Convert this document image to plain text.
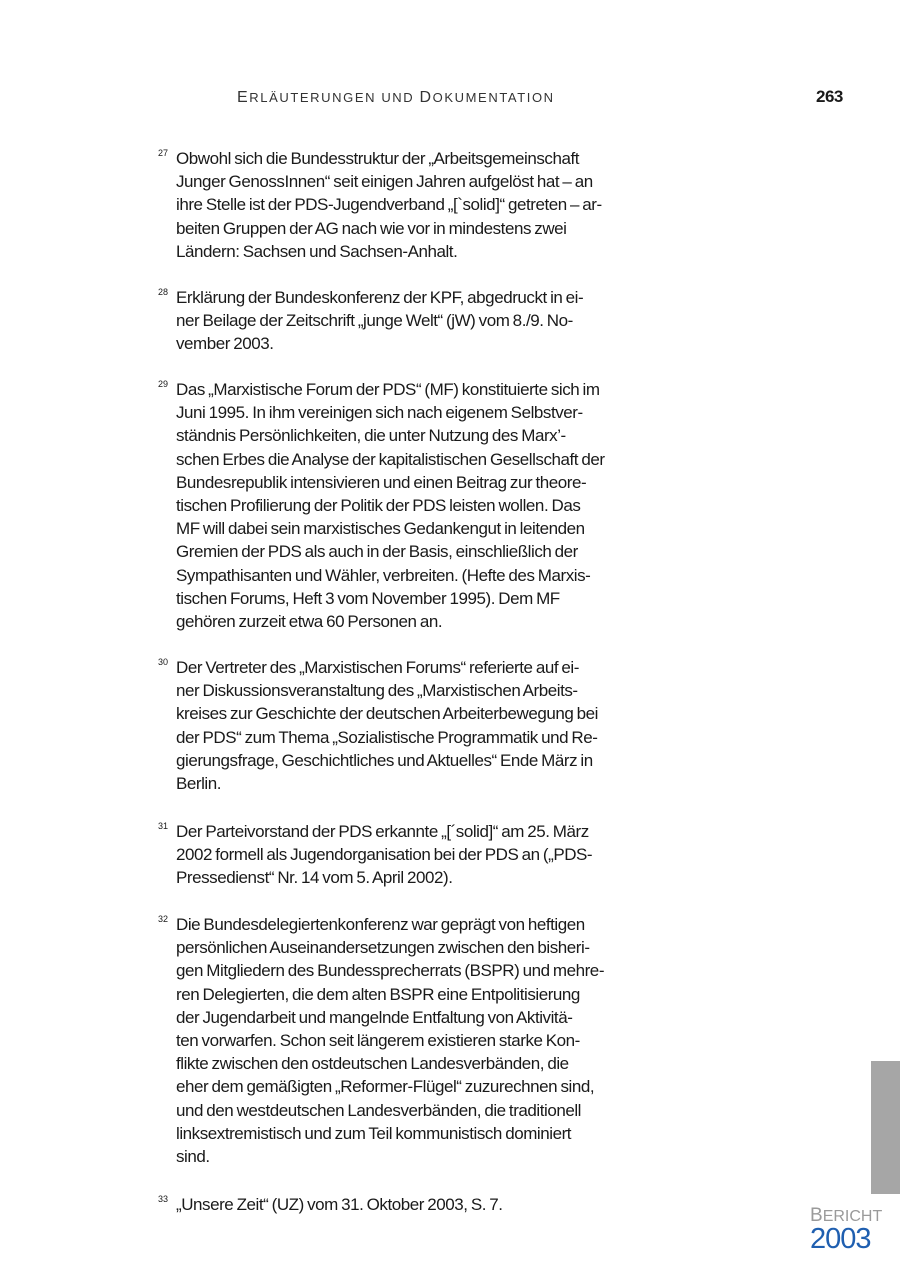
ERLÄUTERUNGEN UND DOKUMENTATION	263
27 Obwohl sich die Bundesstruktur der „Arbeitsgemeinschaft
Junger GenossInnen“ seit einigen Jahren aufgelöst hat – an
ihre Stelle ist der PDS-Jugendverband „[`solid]“ getreten – ar-
beiten Gruppen der AG nach wie vor in mindestens zwei
Ländern: Sachsen und Sachsen-Anhalt.
28 Erklärung der Bundeskonferenz der KPF, abgedruckt in ei-
ner Beilage der Zeitschrift „junge Welt“ (jW) vom 8./9. No-
vember 2003.
29 Das „Marxistische Forum der PDS“ (MF) konstituierte sich im
Juni 1995. In ihm vereinigen sich nach eigenem Selbstver-
ständnis Persönlichkeiten, die unter Nutzung des Marx’-
schen Erbes die Analyse der kapitalistischen Gesellschaft der
Bundesrepublik intensivieren und einen Beitrag zur theore-
tischen Profilierung der Politik der PDS leisten wollen. Das
MF will dabei sein marxistisches Gedankengut in leitenden
Gremien der PDS als auch in der Basis, einschließlich der
Sympathisanten und Wähler, verbreiten. (Hefte des Marxis-
tischen Forums, Heft 3 vom November 1995). Dem MF
gehören zurzeit etwa 60 Personen an.
30 Der Vertreter des „Marxistischen Forums“ referierte auf ei-
ner Diskussionsveranstaltung des „Marxistischen Arbeits-
kreises zur Geschichte der deutschen Arbeiterbewegung bei
der PDS“ zum Thema „Sozialistische Programmatik und Re-
gierungsfrage, Geschichtliches und Aktuelles“ Ende März in
Berlin.
31 Der Parteivorstand der PDS erkannte „[´solid]“ am 25. März
2002 formell als Jugendorganisation bei der PDS an („PDS-
Pressedienst“ Nr. 14 vom 5. April 2002).
32 Die Bundesdelegiertenkonferenz war geprägt von heftigen
persönlichen Auseinandersetzungen zwischen den bisheri-
gen Mitgliedern des Bundessprecherrats (BSPR) und mehre-
ren Delegierten, die dem alten BSPR eine Entpolitisierung
der Jugendarbeit und mangelnde Entfaltung von Aktivitä-
ten vorwarfen. Schon seit längerem existieren starke Kon-
flikte zwischen den ostdeutschen Landesverbänden, die
eher dem gemäßigten „Reformer-Flügel“ zuzurechnen sind,
und den westdeutschen Landesverbänden, die traditionell
linksextremistisch und zum Teil kommunistisch dominiert
sind.
33 „Unsere Zeit“ (UZ) vom 31. Oktober 2003, S. 7.
BERICHT
2003
